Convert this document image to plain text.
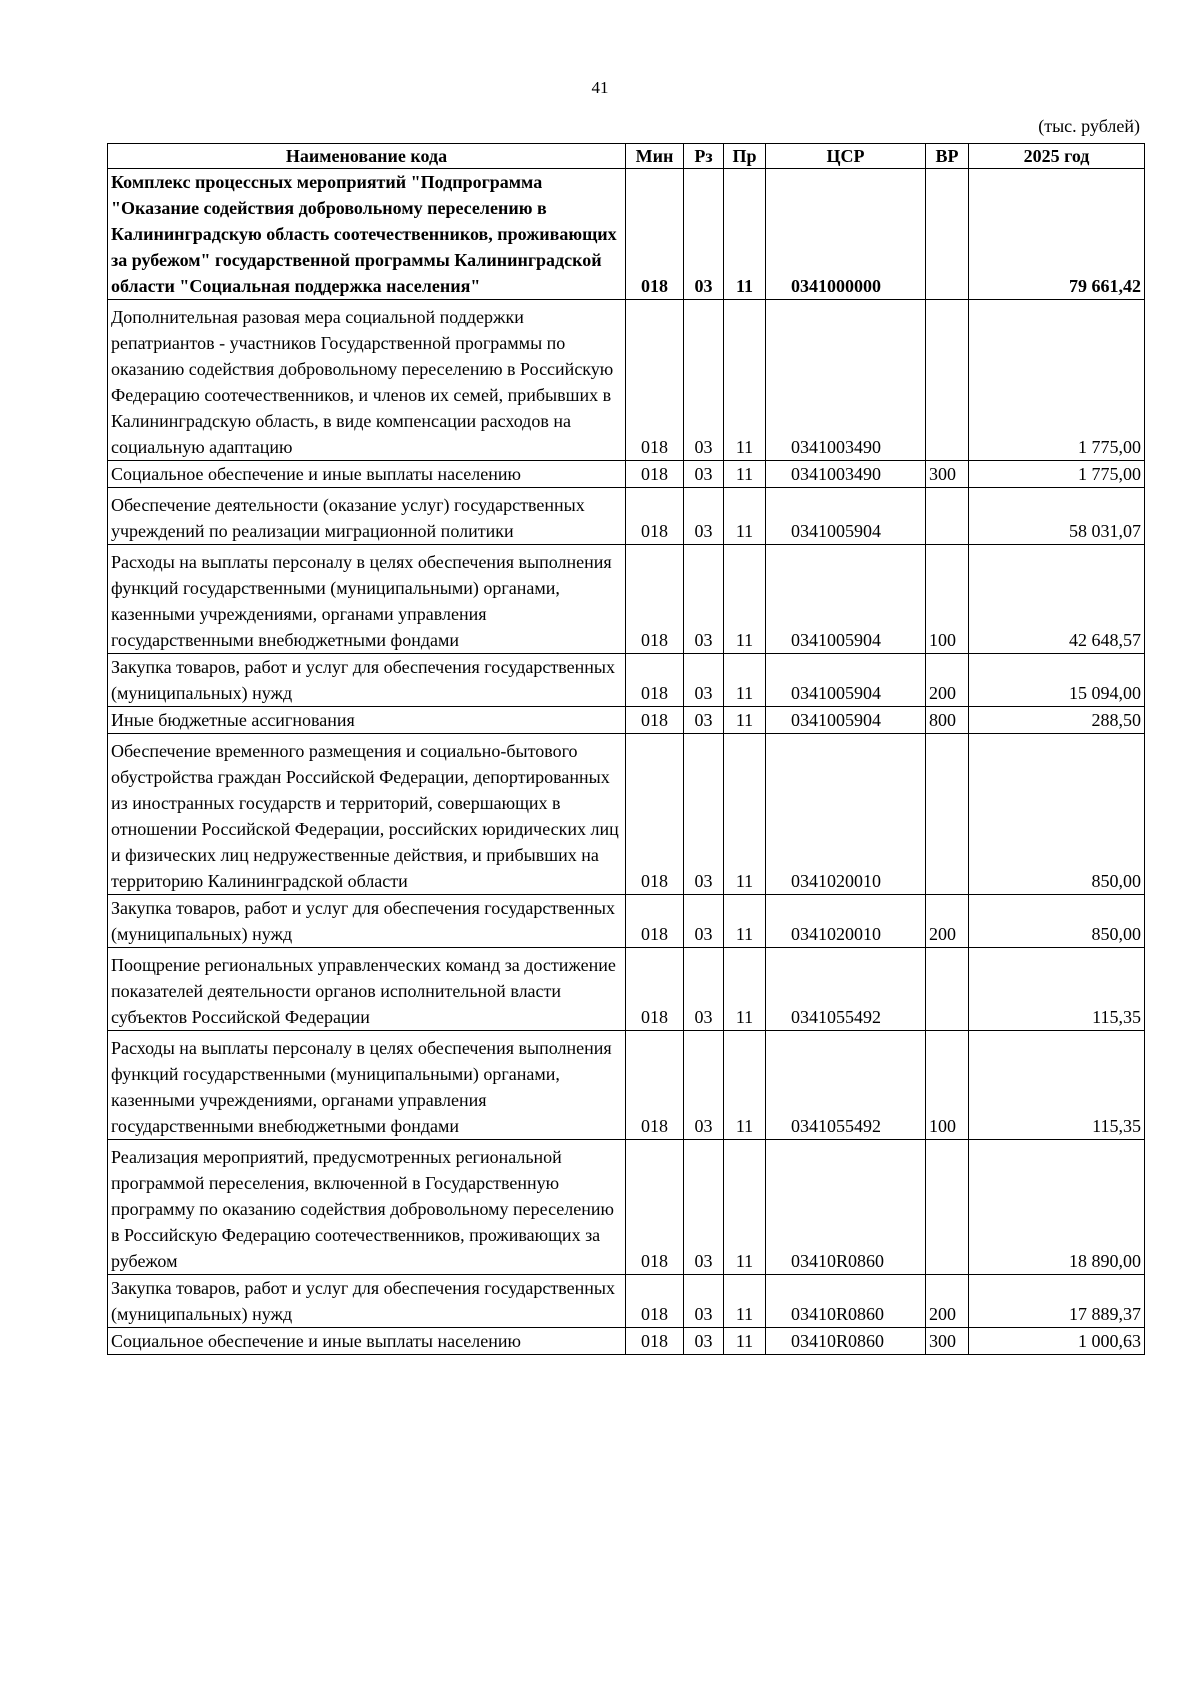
41
(тыс. рублей)
Наименование кода	Мин	Рз	Пр	ЦСР	ВР	2025 год
Комплекс процессных мероприятий "Подпрограмма "Оказание содействия добровольному переселению в Калининградскую область соотечественников, проживающих за рубежом" государственной программы Калининградской области "Социальная поддержка населения"	018	03	11	0341000000		79 661,42
Дополнительная разовая мера социальной поддержки репатриантов - участников Государственной программы по оказанию содействия добровольному переселению в Российскую Федерацию соотечественников, и членов их семей, прибывших в Калининградскую область, в виде компенсации расходов на социальную адаптацию	018	03	11	0341003490		1 775,00
Социальное обеспечение и иные выплаты населению	018	03	11	0341003490	300	1 775,00
Обеспечение деятельности (оказание услуг) государственных учреждений по реализации миграционной политики	018	03	11	0341005904		58 031,07
Расходы на выплаты персоналу в целях обеспечения выполнения функций государственными (муниципальными) органами, казенными учреждениями, органами управления государственными внебюджетными фондами	018	03	11	0341005904	100	42 648,57
Закупка товаров, работ и услуг для обеспечения государственных (муниципальных) нужд	018	03	11	0341005904	200	15 094,00
Иные бюджетные ассигнования	018	03	11	0341005904	800	288,50
Обеспечение временного размещения и социально-бытового обустройства граждан Российской Федерации, депортированных из иностранных государств и территорий, совершающих в отношении Российской Федерации, российских юридических лиц и физических лиц недружественные действия, и прибывших на территорию Калининградской области	018	03	11	0341020010		850,00
Закупка товаров, работ и услуг для обеспечения государственных (муниципальных) нужд	018	03	11	0341020010	200	850,00
Поощрение региональных управленческих команд за достижение показателей деятельности органов исполнительной власти субъектов Российской Федерации	018	03	11	0341055492		115,35
Расходы на выплаты персоналу в целях обеспечения выполнения функций государственными (муниципальными) органами, казенными учреждениями, органами управления государственными внебюджетными фондами	018	03	11	0341055492	100	115,35
Реализация мероприятий, предусмотренных региональной программой переселения, включенной в Государственную программу по оказанию содействия добровольному переселению в Российскую Федерацию соотечественников, проживающих за рубежом	018	03	11	03410R0860		18 890,00
Закупка товаров, работ и услуг для обеспечения государственных (муниципальных) нужд	018	03	11	03410R0860	200	17 889,37
Социальное обеспечение и иные выплаты населению	018	03	11	03410R0860	300	1 000,63
